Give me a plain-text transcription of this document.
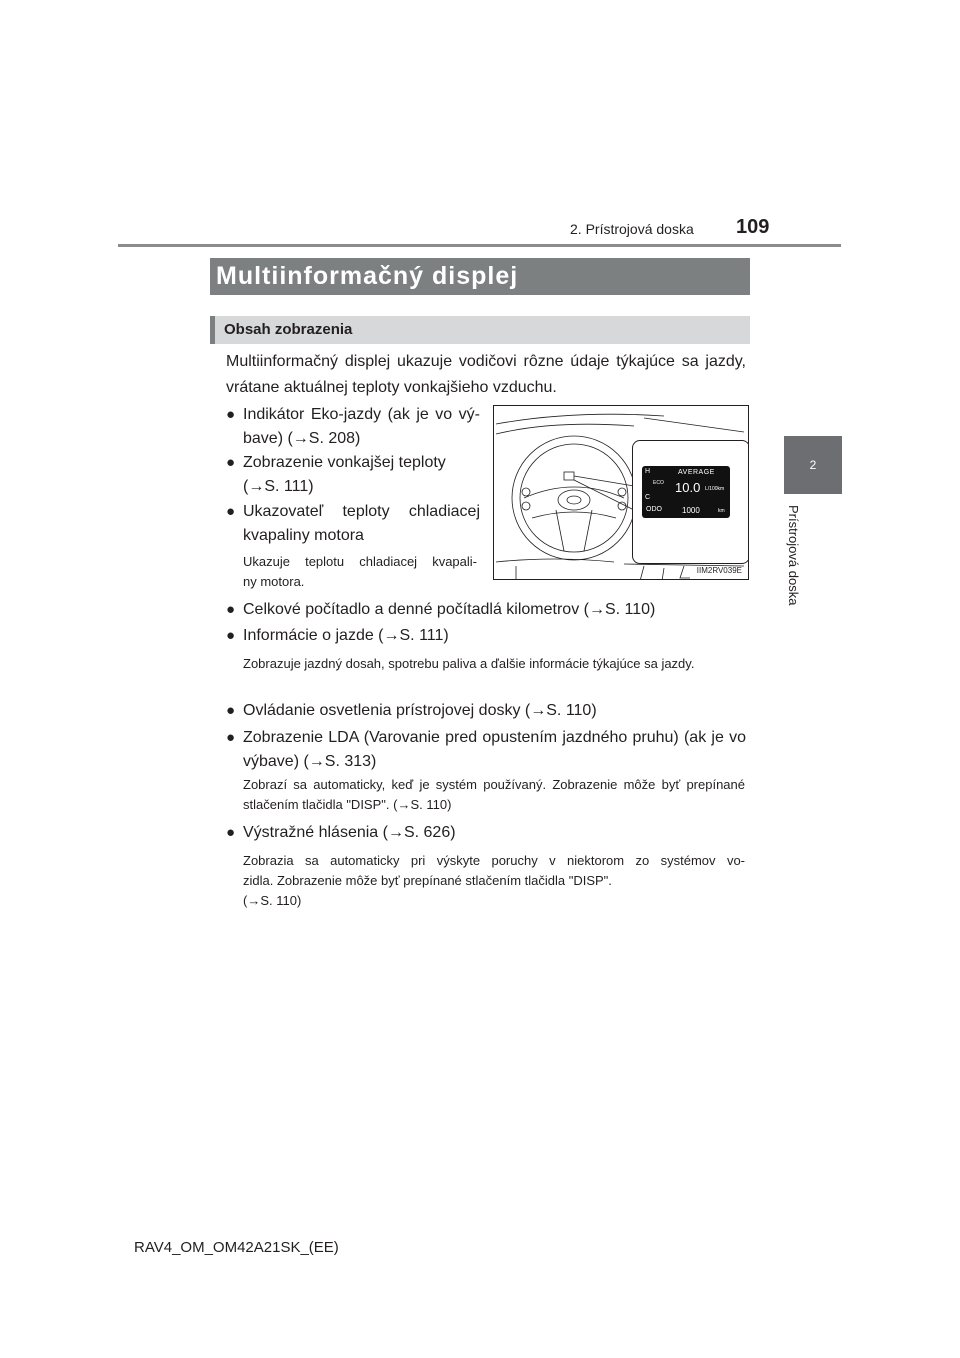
2. Prístrojová doska 109
2
Prístrojová doska
Multiinformačný displej
Obsah zobrazenia
Multiinformačný displej ukazuje vodičovi rôzne údaje týkajúce sa jazdy, vrátane aktuálnej teploty vonkajšieho vzduchu.
● Indikátor Eko-jazdy (ak je vo vý-
bave) (→S. 208)
● Zobrazenie vonkajšej teploty
(→S. 111)
● Ukazovateľ teploty chladiacej
kvapaliny motora
Ukazuje teplotu chladiacej kvapali-
ny motora.
● Celkové počítadlo a denné počítadlá kilometrov (→S. 110)
● Informácie o jazde (→S. 111)
Zobrazuje jazdný dosah, spotrebu paliva a ďalšie informácie týkajúce sa jazdy.
● Ovládanie osvetlenia prístrojovej dosky (→S. 110)
● Zobrazenie LDA (Varovanie pred opustením jazdného pruhu) (ak je vo výbave) (→S. 313)
Zobrazí sa automaticky, keď je systém používaný. Zobrazenie môže byť prepínané stlačením tlačidla "DISP". (→S. 110)
● Výstražné hlásenia (→S. 626)
Zobrazia sa automaticky pri výskyte poruchy v niektorom zo systémov vo-
zidla. Zobrazenie môže byť prepínané stlačením tlačidla "DISP".
(→S. 110)
H
C
ECO
AVERAGE
10.0 L/100km
ODO	1000	km
IIM2RV039E
RAV4_OM_OM42A21SK_(EE)
